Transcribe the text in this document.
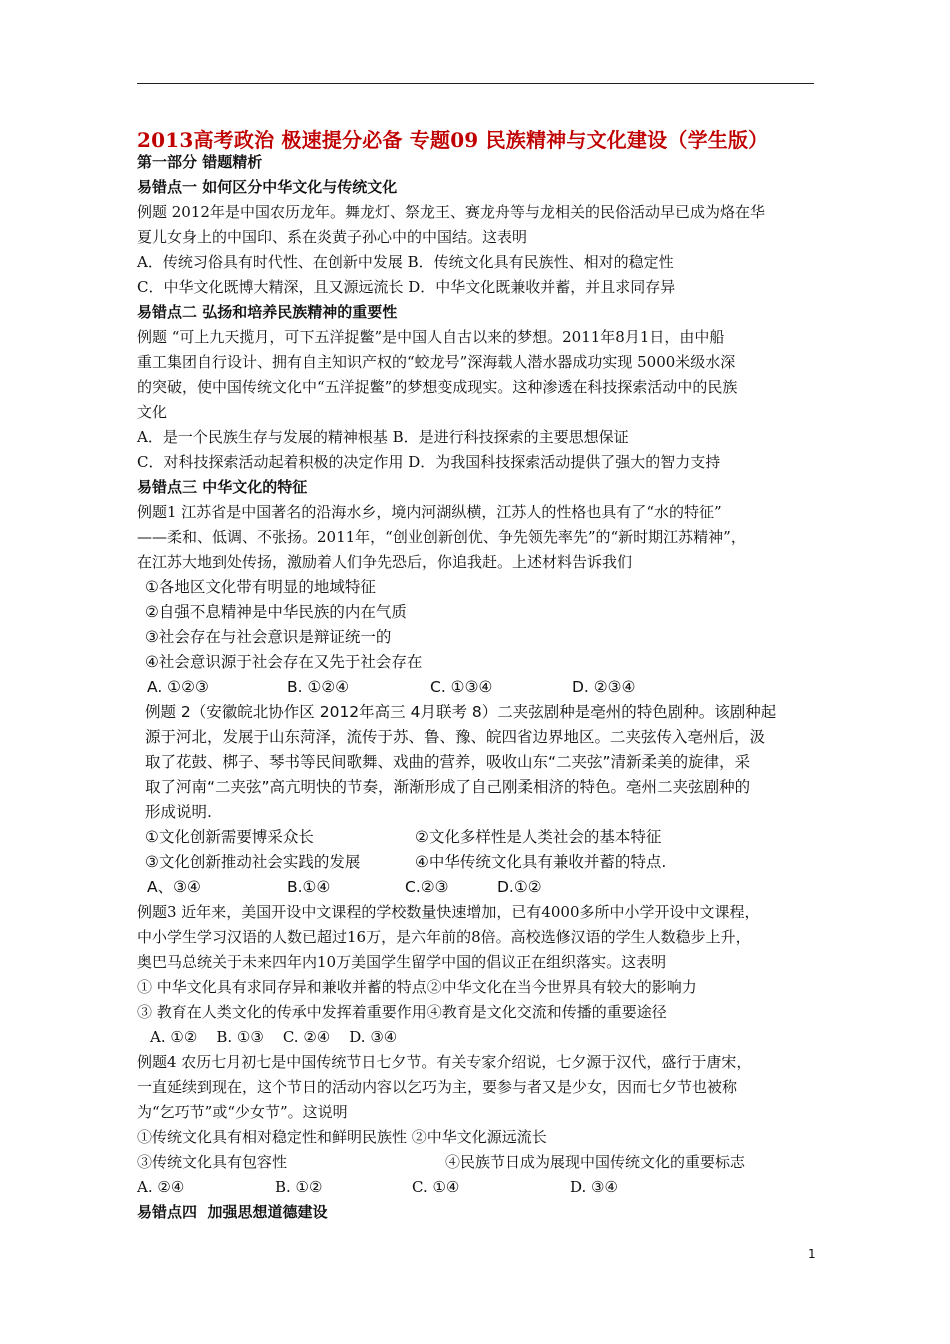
2013高考政治 极速提分必备 专题09 民族精神与文化建设（学生版）
第一部分 错题精析
易错点一 如何区分中华文化与传统文化
例题 2012年是中国农历龙年。舞龙灯、祭龙王、赛龙舟等与龙相关的民俗活动早已成为烙在华
夏儿女身上的中国印、系在炎黄子孙心中的中国结。这表明
A．传统习俗具有时代性、在创新中发展 B．传统文化具有民族性、相对的稳定性
C．中华文化既博大精深，且又源远流长 D．中华文化既兼收并蓄，并且求同存异
易错点二 弘扬和培养民族精神的重要性
例题 “可上九天揽月，可下五洋捉鳖”是中国人自古以来的梦想。2011年8月1日，由中船
重工集团自行设计、拥有自主知识产权的“蛟龙号”深海载人潜水器成功实现 5000米级水深
的突破，使中国传统文化中“五洋捉鳖”的梦想变成现实。这种渗透在科技探索活动中的民族
文化
A．是一个民族生存与发展的精神根基 B．是进行科技探索的主要思想保证
C．对科技探索活动起着积极的决定作用 D．为我国科技探索活动提供了强大的智力支持
易错点三 中华文化的特征
例题1 江苏省是中国著名的沿海水乡，境内河湖纵横，江苏人的性格也具有了“水的特征”
——柔和、低调、不张扬。2011年，“创业创新创优、争先领先率先”的“新时期江苏精神”，
在江苏大地到处传扬，激励着人们争先恐后，你追我赶。上述材料告诉我们
①各地区文化带有明显的地域特征
②自强不息精神是中华民族的内在气质
③社会存在与社会意识是辩证统一的
④社会意识源于社会存在又先于社会存在
A. ①②③	B. ①②④	C. ①③④	D. ②③④
例题 2（安徽皖北协作区 2012年高三 4月联考 8）二夹弦剧种是亳州的特色剧种。该剧种起
源于河北，发展于山东菏泽，流传于苏、鲁、豫、皖四省边界地区。二夹弦传入亳州后，汲
取了花鼓、梆子、琴书等民间歌舞、戏曲的营养，吸收山东“二夹弦”清新柔美的旋律，采
取了河南“二夹弦”高亢明快的节奏，渐渐形成了自己刚柔相济的特色。亳州二夹弦剧种的
形成说明.
①文化创新需要博采众长	②文化多样性是人类社会的基本特征
③文化创新推动社会实践的发展	④中华传统文化具有兼收并蓄的特点.
A、③④	B.①④	C.②③	D.①②
例题3 近年来，美国开设中文课程的学校数量快速增加，已有4000多所中小学开设中文课程，
中小学生学习汉语的人数已超过16万，是六年前的8倍。高校选修汉语的学生人数稳步上升，
奥巴马总统关于未来四年内10万美国学生留学中国的倡议正在组织落实。这表明
① 中华文化具有求同存异和兼收并蓄的特点②中华文化在当今世界具有较大的影响力
③ 教育在人类文化的传承中发挥着重要作用④教育是文化交流和传播的重要途径
A. ①②    B. ①③    C. ②④    D. ③④
例题4 农历七月初七是中国传统节日七夕节。有关专家介绍说，七夕源于汉代，盛行于唐宋，
一直延续到现在，这个节日的活动内容以乞巧为主，要参与者又是少女，因而七夕节也被称
为“乞巧节”或“少女节”。这说明
①传统文化具有相对稳定性和鲜明民族性 ②中华文化源远流长
③传统文化具有包容性	④民族节日成为展现中国传统文化的重要标志
A. ②④	B. ①②	C. ①④	D. ③④
易错点四  加强思想道德建设
1
